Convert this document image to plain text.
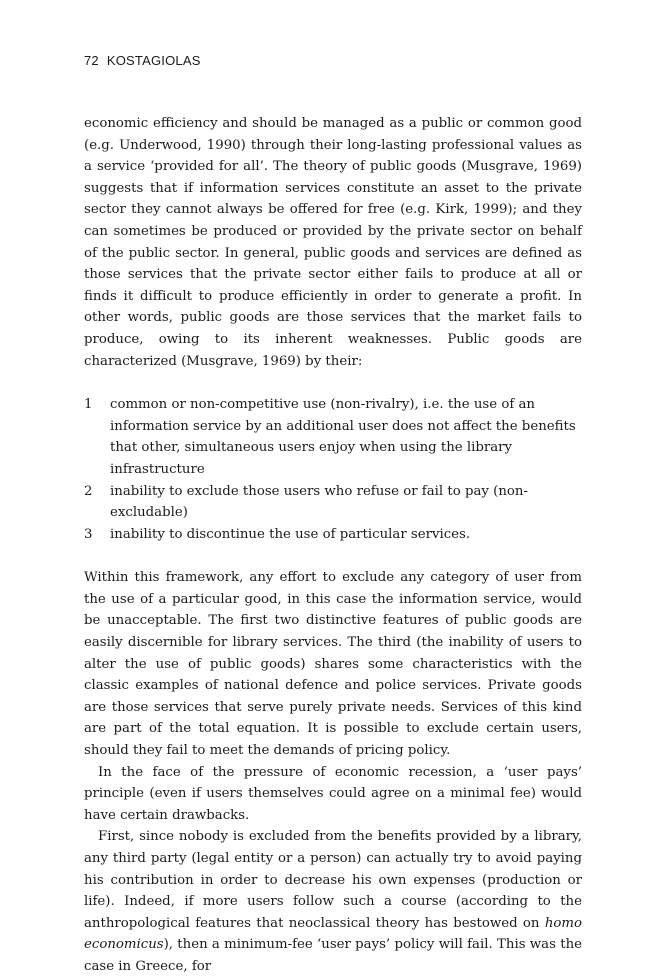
72 KOSTAGIOLAS

economic efficiency and should be managed as a public or common good (e.g. Underwood, 1990) through their long-lasting professional values as a service ‘provided for all’. The theory of public goods (Musgrave, 1969) suggests that if information services constitute an asset to the private sector they cannot always be offered for free (e.g. Kirk, 1999); and they can sometimes be produced or provided by the private sector on behalf of the public sector. In general, public goods and services are defined as those services that the private sector either fails to produce at all or finds it difficult to produce efficiently in order to generate a profit. In other words, public goods are those services that the market fails to produce, owing to its inherent weaknesses. Public goods are characterized (Musgrave, 1969) by their:

1 common or non-competitive use (non-rivalry), i.e. the use of an information service by an additional user does not affect the benefits that other, simultaneous users enjoy when using the library infrastructure
2 inability to exclude those users who refuse or fail to pay (non-excludable)
3 inability to discontinue the use of particular services.

Within this framework, any effort to exclude any category of user from the use of a particular good, in this case the information service, would be unacceptable. The first two distinctive features of public goods are easily discernible for library services. The third (the inability of users to alter the use of public goods) shares some characteristics with the classic examples of national defence and police services. Private goods are those services that serve purely private needs. Services of this kind are part of the total equation. It is possible to exclude certain users, should they fail to meet the demands of pricing policy.

In the face of the pressure of economic recession, a ‘user pays’ principle (even if users themselves could agree on a minimal fee) would have certain drawbacks.

First, since nobody is excluded from the benefits provided by a library, any third party (legal entity or a person) can actually try to avoid paying his contribution in order to decrease his own expenses (production or life). Indeed, if more users follow such a course (according to the anthropological features that neoclassical theory has bestowed on homo economicus), then a minimum-fee ‘user pays’ policy will fail. This was the case in Greece, for
